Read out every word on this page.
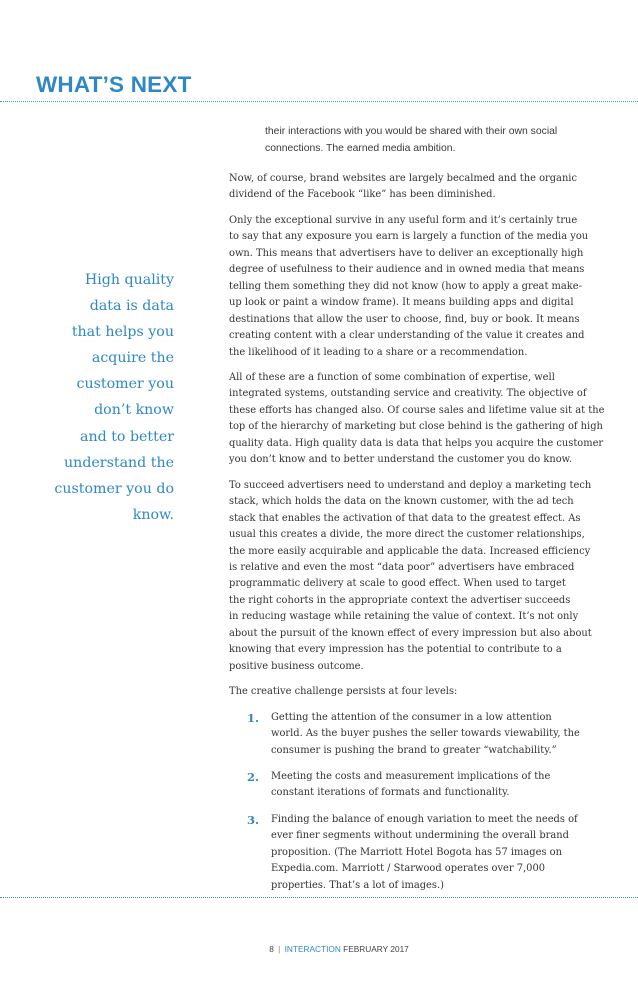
WHAT’S NEXT
High quality
data is data
that helps you
acquire the
customer you
don’t know
and to better
understand the
customer you do
know.

their interactions with you would be shared with their own social
connections. The earned media ambition.

Now, of course, brand websites are largely becalmed and the organic
dividend of the Facebook “like” has been diminished.

Only the exceptional survive in any useful form and it’s certainly true
to say that any exposure you earn is largely a function of the media you
own. This means that advertisers have to deliver an exceptionally high
degree of usefulness to their audience and in owned media that means
telling them something they did not know (how to apply a great make-
up look or paint a window frame). It means building apps and digital
destinations that allow the user to choose, find, buy or book. It means
creating content with a clear understanding of the value it creates and
the likelihood of it leading to a share or a recommendation.

All of these are a function of some combination of expertise, well
integrated systems, outstanding service and creativity. The objective of
these efforts has changed also. Of course sales and lifetime value sit at the
top of the hierarchy of marketing but close behind is the gathering of high
quality data. High quality data is data that helps you acquire the customer
you don’t know and to better understand the customer you do know.

To succeed advertisers need to understand and deploy a marketing tech
stack, which holds the data on the known customer, with the ad tech
stack that enables the activation of that data to the greatest effect. As
usual this creates a divide, the more direct the customer relationships,
the more easily acquirable and applicable the data. Increased efficiency
is relative and even the most “data poor” advertisers have embraced
programmatic delivery at scale to good effect. When used to target
the right cohorts in the appropriate context the advertiser succeeds
in reducing wastage while retaining the value of context. It’s not only
about the pursuit of the known effect of every impression but also about
knowing that every impression has the potential to contribute to a
positive business outcome.

The creative challenge persists at four levels:

1. Getting the attention of the consumer in a low attention
world. As the buyer pushes the seller towards viewability, the
consumer is pushing the brand to greater “watchability.”
2. Meeting the costs and measurement implications of the
constant iterations of formats and functionality.
3. Finding the balance of enough variation to meet the needs of
ever finer segments without undermining the overall brand
proposition. (The Marriott Hotel Bogota has 57 images on
Expedia.com. Marriott / Starwood operates over 7,000
properties. That’s a lot of images.)
8 | INTERACTION FEBRUARY 2017
